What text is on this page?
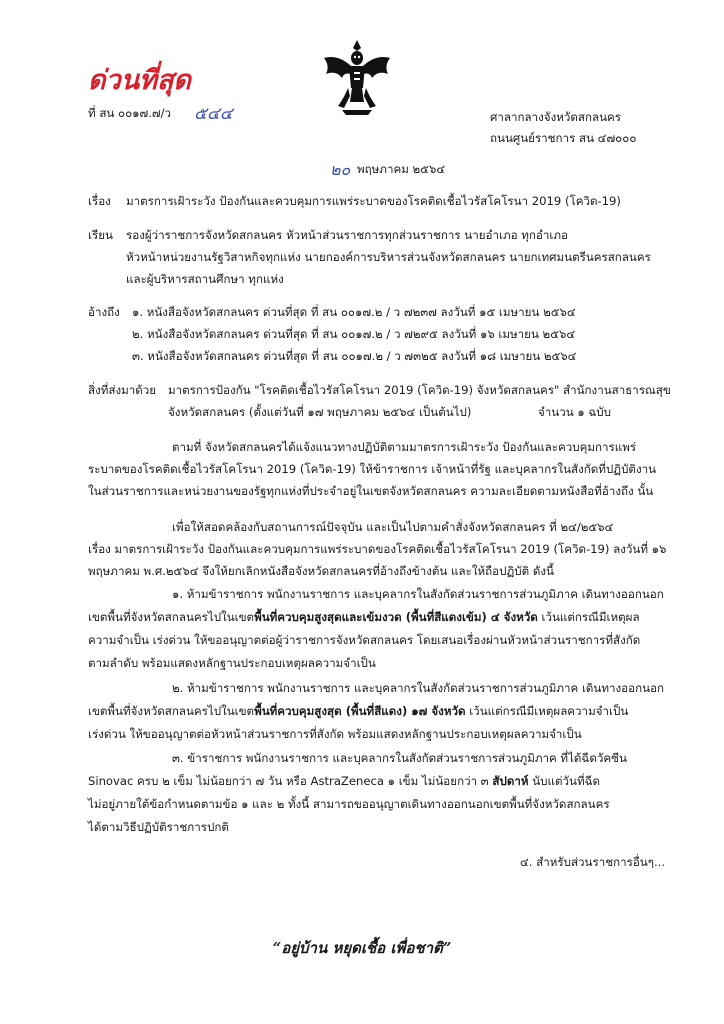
ด่วนที่สุด
ที่ สน ๐๐๑๗.๗/ว ๕๔๔	ศาลากลางจังหวัดสกลนคร
ถนนศูนย์ราชการ สน ๔๗๐๐๐
๒๐ พฤษภาคม ๒๕๖๔
เรื่อง มาตรการเฝ้าระวัง ป้องกันและควบคุมการแพร่ระบาดของโรคติดเชื้อไวรัสโคโรนา 2019 (โควิด-19)
เรียน รองผู้ว่าราชการจังหวัดสกลนคร หัวหน้าส่วนราชการทุกส่วนราชการ นายอำเภอ ทุกอำเภอ
หัวหน้าหน่วยงานรัฐวิสาหกิจทุกแห่ง นายกองค์การบริหารส่วนจังหวัดสกลนคร นายกเทศมนตรีนครสกลนคร
และผู้บริหารสถานศึกษา ทุกแห่ง
อ้างถึง ๑. หนังสือจังหวัดสกลนคร ด่วนที่สุด ที่ สน ๐๐๑๗.๒ / ว ๗๒๓๗ ลงวันที่ ๑๕ เมษายน ๒๕๖๔
๒. หนังสือจังหวัดสกลนคร ด่วนที่สุด ที่ สน ๐๐๑๗.๒ / ว ๗๒๙๕ ลงวันที่ ๑๖ เมษายน ๒๕๖๔
๓. หนังสือจังหวัดสกลนคร ด่วนที่สุด ที่ สน ๐๐๑๗.๒ / ว ๗๓๒๕ ลงวันที่ ๑๘ เมษายน ๒๕๖๔
สิ่งที่ส่งมาด้วย มาตรการป้องกัน "โรคติดเชื้อไวรัสโคโรนา 2019 (โควิด-19) จังหวัดสกลนคร" สำนักงานสาธารณสุข
จังหวัดสกลนคร (ตั้งแต่วันที่ ๑๗ พฤษภาคม ๒๕๖๔ เป็นต้นไป)	จำนวน ๑ ฉบับ
ตามที่ จังหวัดสกลนครได้แจ้งแนวทางปฏิบัติตามมาตรการเฝ้าระวัง ป้องกันและควบคุมการแพร่
ระบาดของโรคติดเชื้อไวรัสโคโรนา 2019 (โควิด-19) ให้ข้าราชการ เจ้าหน้าที่รัฐ และบุคลากรในสังกัดที่ปฏิบัติงาน
ในส่วนราชการและหน่วยงานของรัฐทุกแห่งที่ประจำอยู่ในเขตจังหวัดสกลนคร ความละเอียดตามหนังสือที่อ้างถึง นั้น
เพื่อให้สอดคล้องกับสถานการณ์ปัจจุบัน และเป็นไปตามคำสั่งจังหวัดสกลนคร ที่ ๒๔/๒๕๖๔
เรื่อง มาตรการเฝ้าระวัง ป้องกันและควบคุมการแพร่ระบาดของโรคติดเชื้อไวรัสโคโรนา 2019 (โควิด-19) ลงวันที่ ๑๖
พฤษภาคม พ.ศ.๒๕๖๔ จึงให้ยกเลิกหนังสือจังหวัดสกลนครที่อ้างถึงข้างต้น และให้ถือปฏิบัติ ดังนี้
๑. ห้ามข้าราชการ พนักงานราชการ และบุคลากรในสังกัดส่วนราชการส่วนภูมิภาค เดินทางออกนอก
เขตพื้นที่จังหวัดสกลนครไปในเขตพื้นที่ควบคุมสูงสุดและเข้มงวด (พื้นที่สีแดงเข้ม) ๔ จังหวัด เว้นแต่กรณีมีเหตุผล
ความจำเป็น เร่งด่วน ให้ขออนุญาตต่อผู้ว่าราชการจังหวัดสกลนคร โดยเสนอเรื่องผ่านหัวหน้าส่วนราชการที่สังกัด
ตามลำดับ พร้อมแสดงหลักฐานประกอบเหตุผลความจำเป็น
๒. ห้ามข้าราชการ พนักงานราชการ และบุคลากรในสังกัดส่วนราชการส่วนภูมิภาค เดินทางออกนอก
เขตพื้นที่จังหวัดสกลนครไปในเขตพื้นที่ควบคุมสูงสุด (พื้นที่สีแดง) ๑๗ จังหวัด เว้นแต่กรณีมีเหตุผลความจำเป็น
เร่งด่วน ให้ขออนุญาตต่อหัวหน้าส่วนราชการที่สังกัด พร้อมแสดงหลักฐานประกอบเหตุผลความจำเป็น
๓. ข้าราชการ พนักงานราชการ และบุคลากรในสังกัดส่วนราชการส่วนภูมิภาค ที่ได้ฉีดวัคซีน
Sinovac ครบ ๒ เข็ม ไม่น้อยกว่า ๗ วัน หรือ AstraZeneca ๑ เข็ม ไม่น้อยกว่า ๓ สัปดาห์ นับแต่วันที่ฉีด
ไม่อยู่ภายใต้ข้อกำหนดตามข้อ ๑ และ ๒ ทั้งนี้ สามารถขออนุญาตเดินทางออกนอกเขตพื้นที่จังหวัดสกลนคร
ได้ตามวิธีปฏิบัติราชการปกติ
๔. สำหรับส่วนราชการอื่นๆ...
“อยู่บ้าน หยุดเชื้อ เพื่อชาติ”
